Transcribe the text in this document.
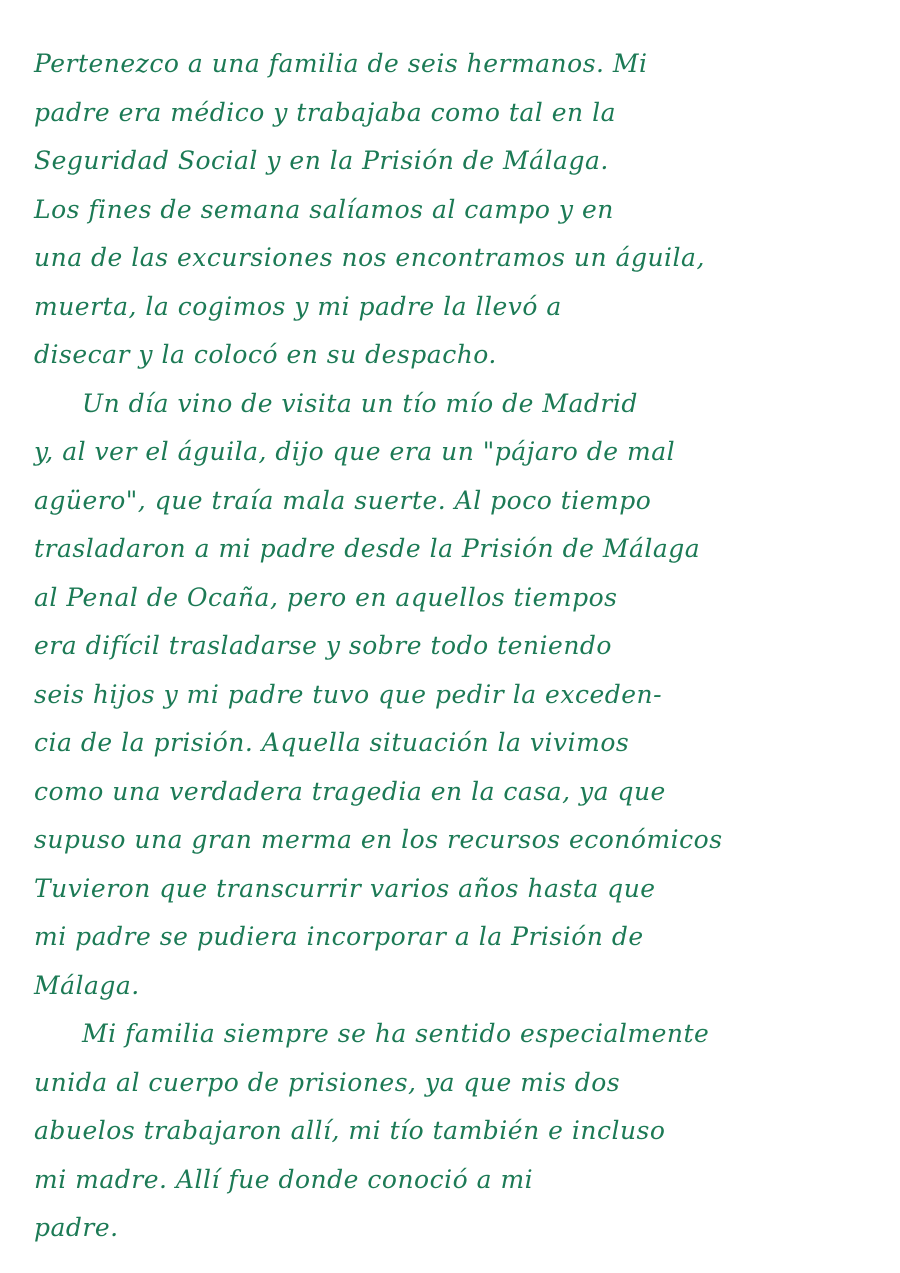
Pertenezco a una familia de seis hermanos. Mi
padre era médico y trabajaba como tal en la
Seguridad Social y en la Prisión de Málaga.
Los fines de semana salíamos al campo y en
una de las excursiones nos encontramos un águila,
muerta, la cogimos y mi padre la llevó a
disecar y la colocó en su despacho.
Un día vino de visita un tío mío de Madrid
y, al ver el águila, dijo que era un "pájaro de mal
agüero", que traía mala suerte. Al poco tiempo
trasladaron a mi padre desde la Prisión de Málaga
al Penal de Ocaña, pero en aquellos tiempos
era difícil trasladarse y sobre todo teniendo
seis hijos y mi padre tuvo que pedir la exceden-
cia de la prisión. Aquella situación la vivimos
como una verdadera tragedia en la casa, ya que
supuso una gran merma en los recursos económicos
Tuvieron que transcurrir varios años hasta que
mi padre se pudiera incorporar a la Prisión de
Málaga.
Mi familia siempre se ha sentido especialmente
unida al cuerpo de prisiones, ya que mis dos
abuelos trabajaron allí, mi tío también e incluso
mi madre. Allí fue donde conoció a mi
padre.
